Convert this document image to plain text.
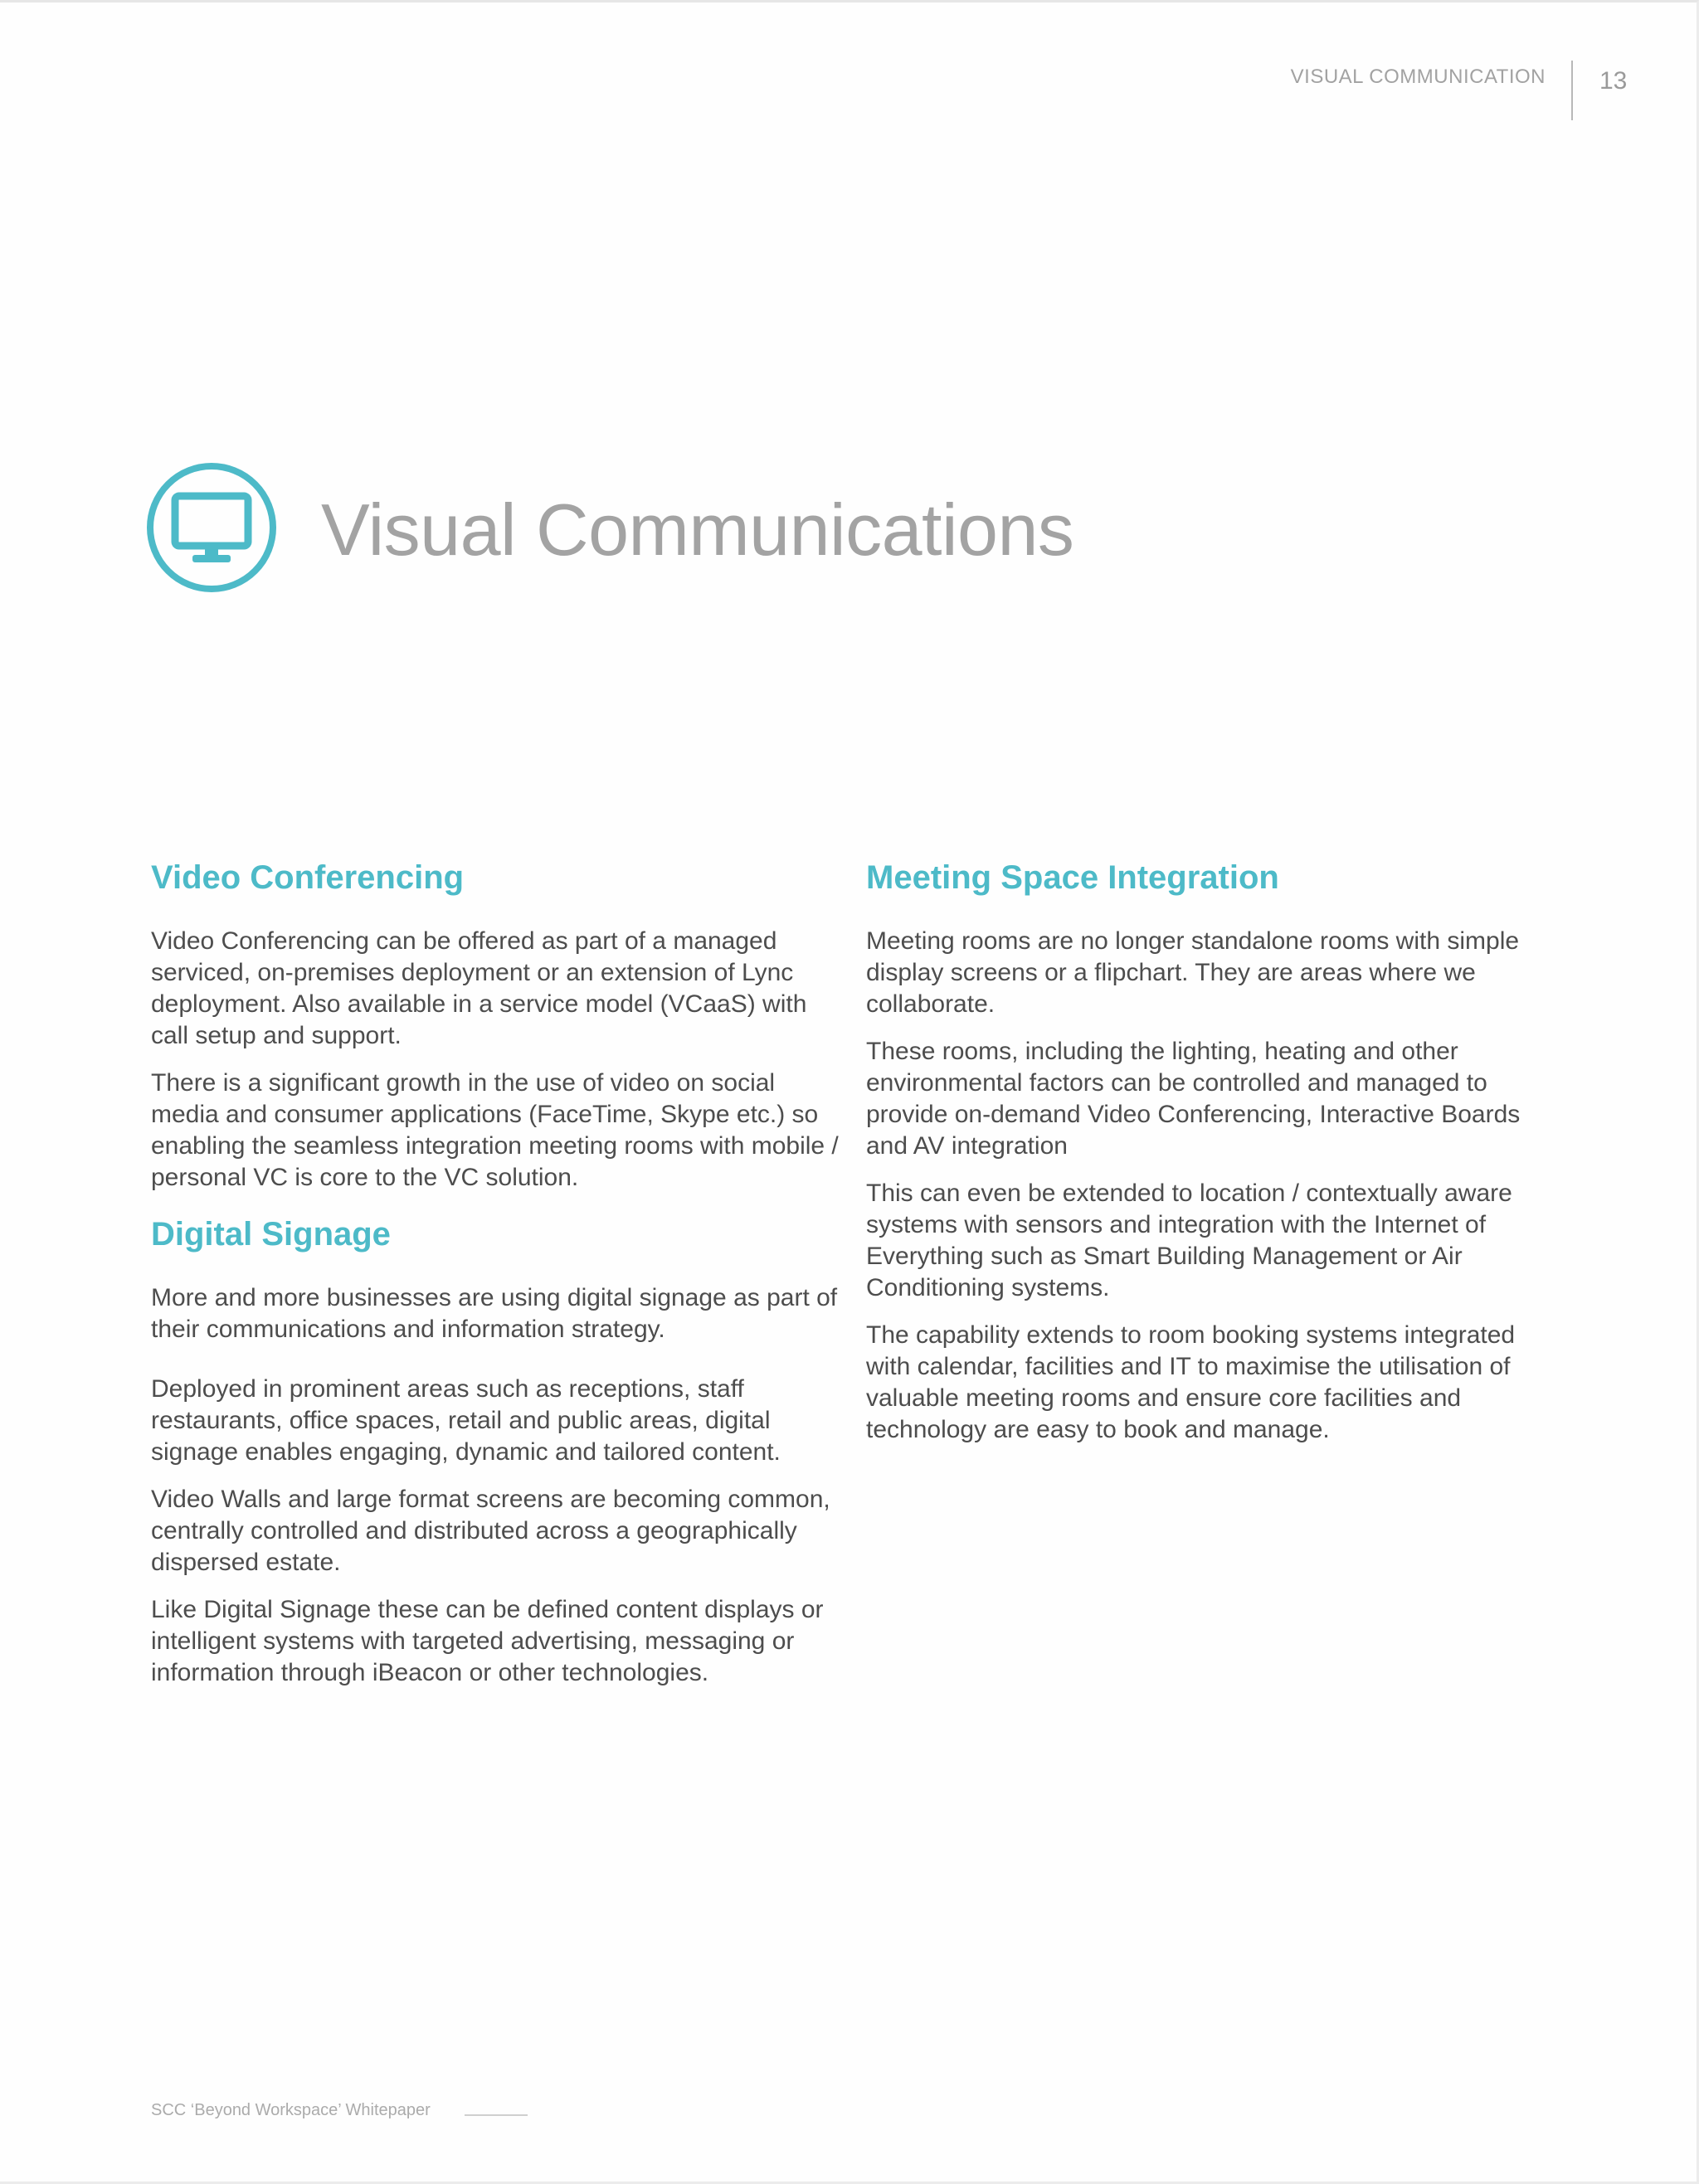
VISUAL COMMUNICATION 13
Visual Communications
Video Conferencing

Video Conferencing can be offered as part of a managed serviced, on-premises deployment or an extension of Lync deployment. Also available in a service model (VCaaS) with call setup and support.

There is a significant growth in the use of video on social media and consumer applications (FaceTime, Skype etc.) so enabling the seamless integration meeting rooms with mobile / personal VC is core to the VC solution.

Digital Signage

More and more businesses are using digital signage as part of their communications and information strategy.

Deployed in prominent areas such as receptions, staff restaurants, office spaces, retail and public areas, digital signage enables engaging, dynamic and tailored content.

Video Walls and large format screens are becoming common, centrally controlled and distributed across a geographically dispersed estate.

Like Digital Signage these can be defined content displays or intelligent systems with targeted advertising, messaging or information through iBeacon or other technologies.

Meeting Space Integration

Meeting rooms are no longer standalone rooms with simple display screens or a flipchart. They are areas where we collaborate.

These rooms, including the lighting, heating and other environmental factors can be controlled and managed to provide on-demand Video Conferencing, Interactive Boards and AV integration

This can even be extended to location / contextually aware systems with sensors and integration with the Internet of Everything such as Smart Building Management or Air Conditioning systems.

The capability extends to room booking systems integrated with calendar, facilities and IT to maximise the utilisation of valuable meeting rooms and ensure core facilities and technology are easy to book and manage.

SCC ‘Beyond Workspace’ Whitepaper
